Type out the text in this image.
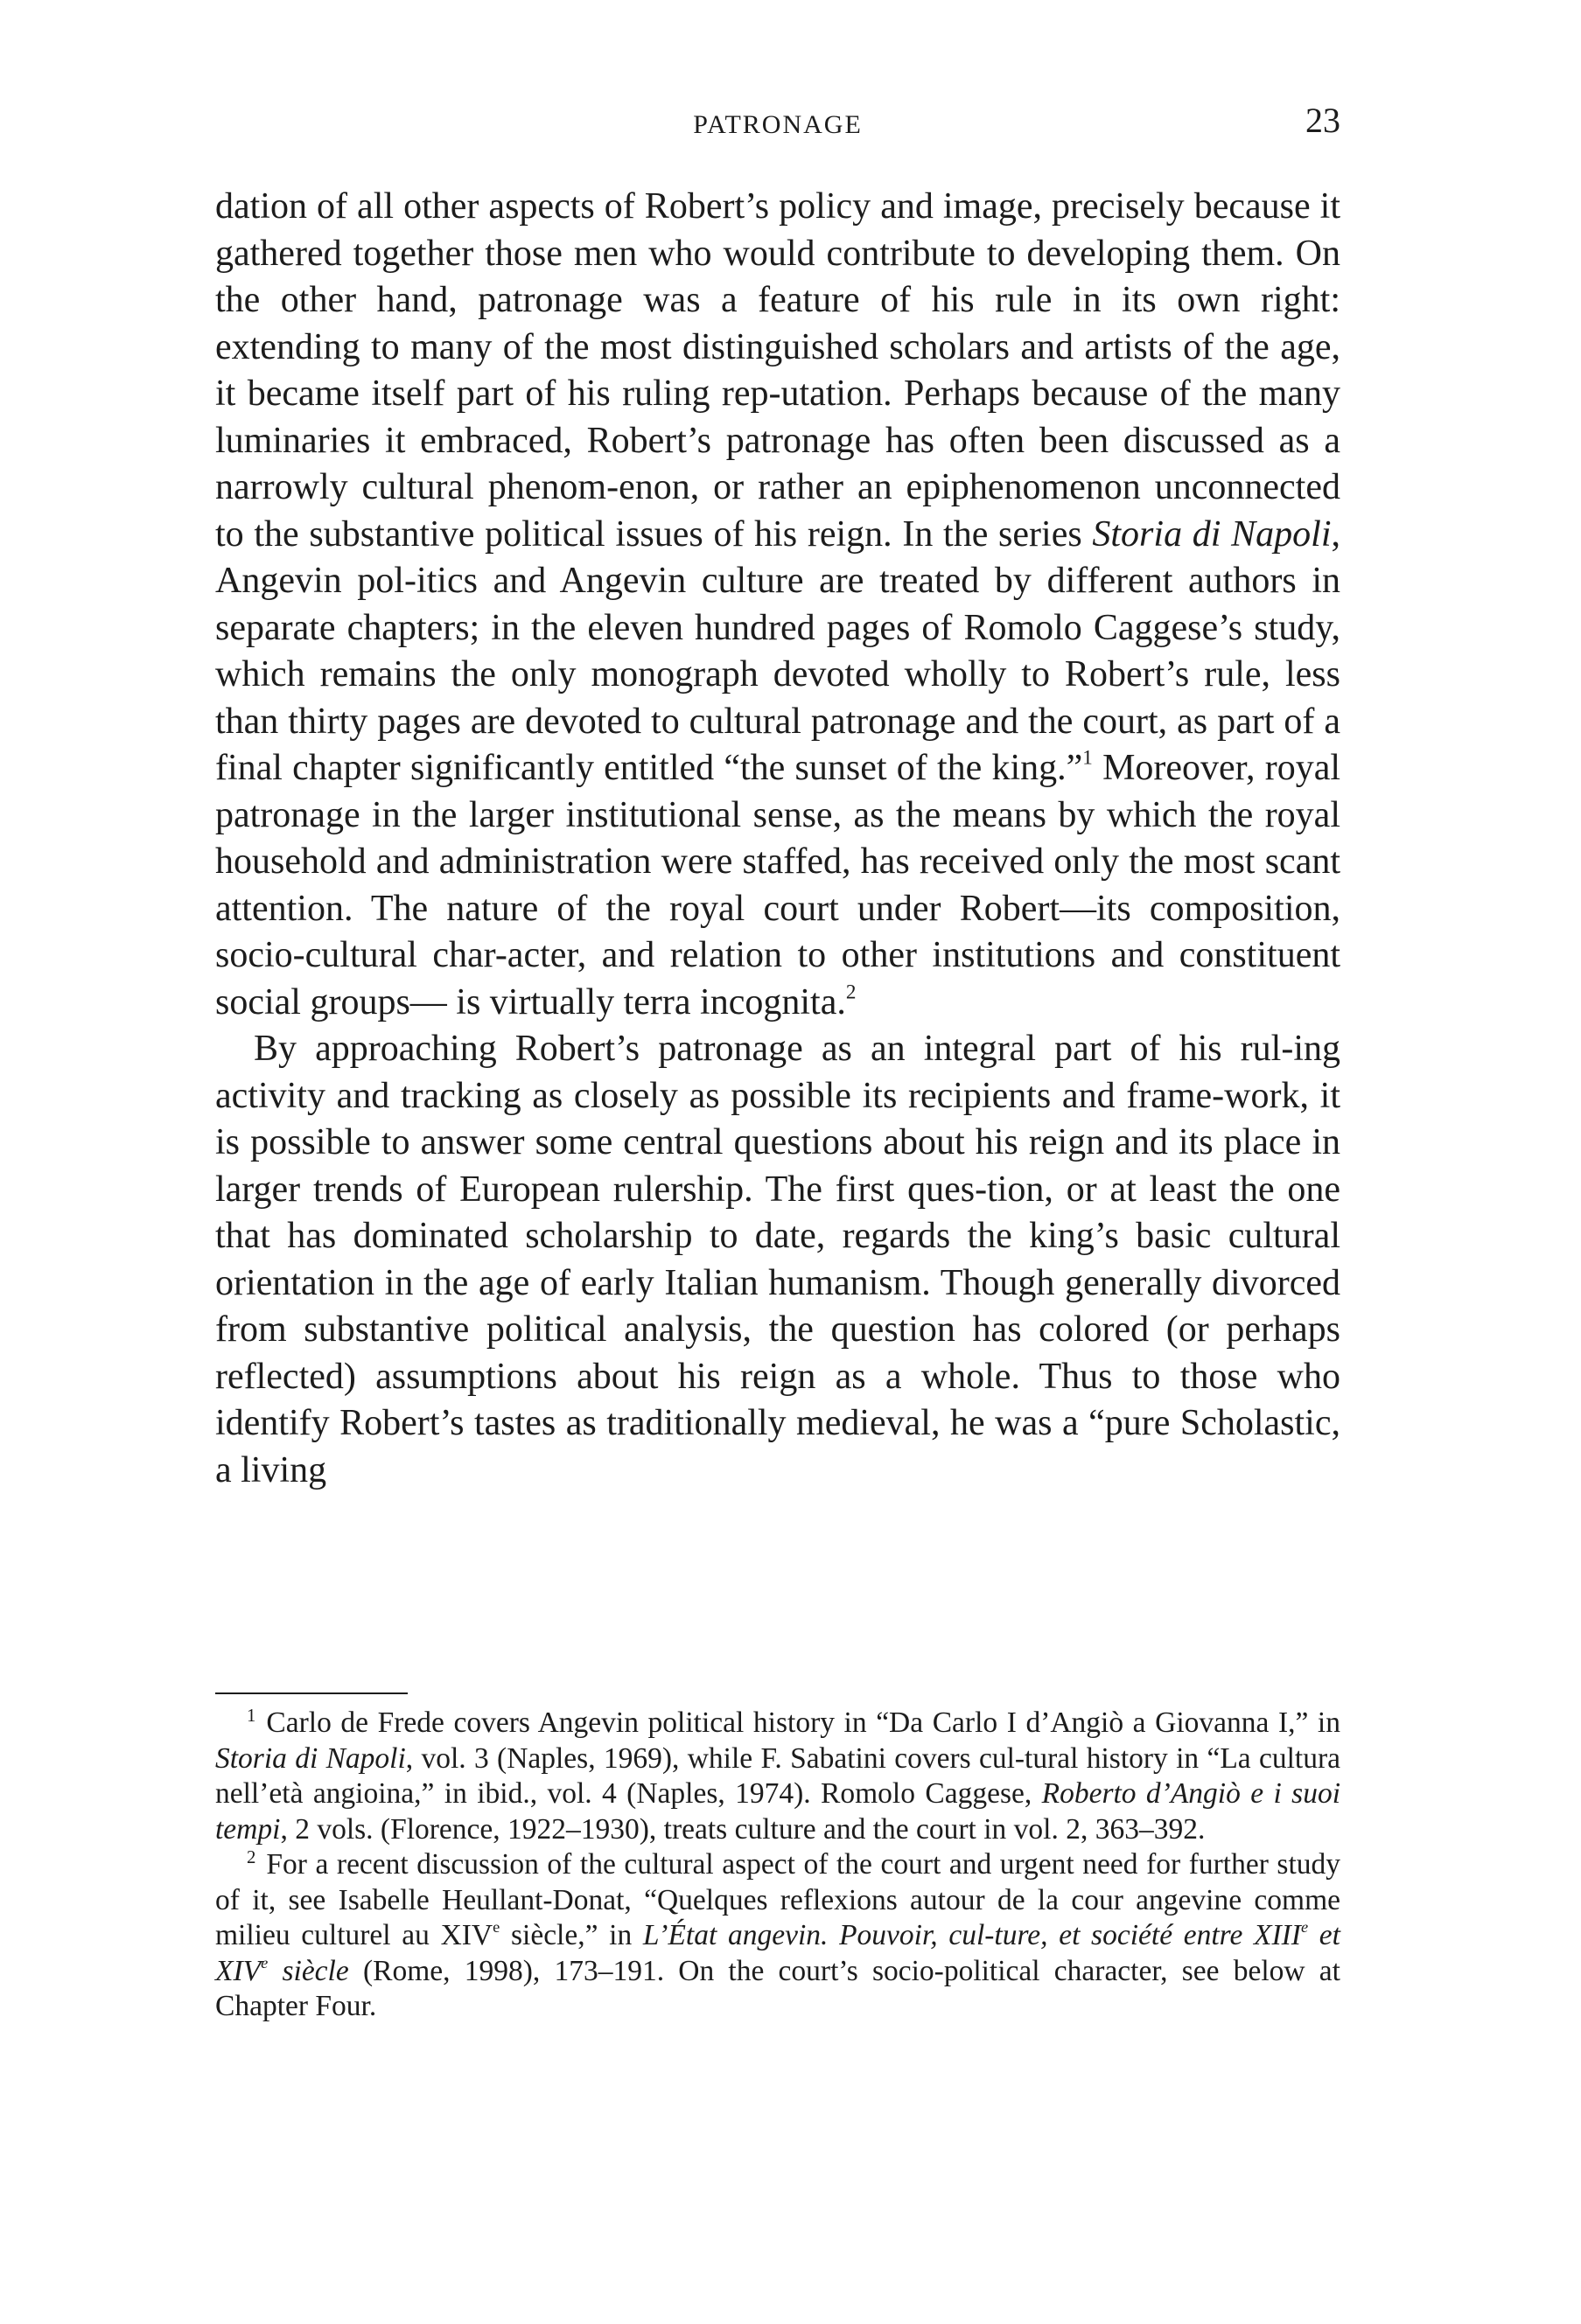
PATRONAGE	23

dation of all other aspects of Robert’s policy and image, precisely because it gathered together those men who would contribute to developing them. On the other hand, patronage was a feature of his rule in its own right: extending to many of the most distinguished scholars and artists of the age, it became itself part of his ruling rep-utation. Perhaps because of the many luminaries it embraced, Robert’s patronage has often been discussed as a narrowly cultural phenom-enon, or rather an epiphenomenon unconnected to the substantive political issues of his reign. In the series Storia di Napoli, Angevin pol-itics and Angevin culture are treated by different authors in separate chapters; in the eleven hundred pages of Romolo Caggese’s study, which remains the only monograph devoted wholly to Robert’s rule, less than thirty pages are devoted to cultural patronage and the court, as part of a final chapter significantly entitled “the sunset of the king.”$^1$ Moreover, royal patronage in the larger institutional sense, as the means by which the royal household and administration were staffed, has received only the most scant attention. The nature of the royal court under Robert—its composition, socio-cultural char-acter, and relation to other institutions and constituent social groups— is virtually terra incognita.$^2$

By approaching Robert’s patronage as an integral part of his rul-ing activity and tracking as closely as possible its recipients and frame-work, it is possible to answer some central questions about his reign and its place in larger trends of European rulership. The first ques-tion, or at least the one that has dominated scholarship to date, regards the king’s basic cultural orientation in the age of early Italian humanism. Though generally divorced from substantive political analysis, the question has colored (or perhaps reflected) assumptions about his reign as a whole. Thus to those who identify Robert’s tastes as traditionally medieval, he was a “pure Scholastic, a living

$^1$ Carlo de Frede covers Angevin political history in “Da Carlo I d’Angiò a Giovanna I,” in Storia di Napoli, vol. 3 (Naples, 1969), while F. Sabatini covers cul-tural history in “La cultura nell’età angioina,” in ibid., vol. 4 (Naples, 1974). Romolo Caggese, Roberto d’Angiò e i suoi tempi, 2 vols. (Florence, 1922–1930), treats culture and the court in vol. 2, 363–392.

$^2$ For a recent discussion of the cultural aspect of the court and urgent need for further study of it, see Isabelle Heullant-Donat, “Quelques reflexions autour de la cour angevine comme milieu culturel au XIVe siècle,” in L’État angevin. Pouvoir, cul-ture, et société entre XIIIe et XIVe siècle (Rome, 1998), 173–191. On the court’s socio-political character, see below at Chapter Four.
